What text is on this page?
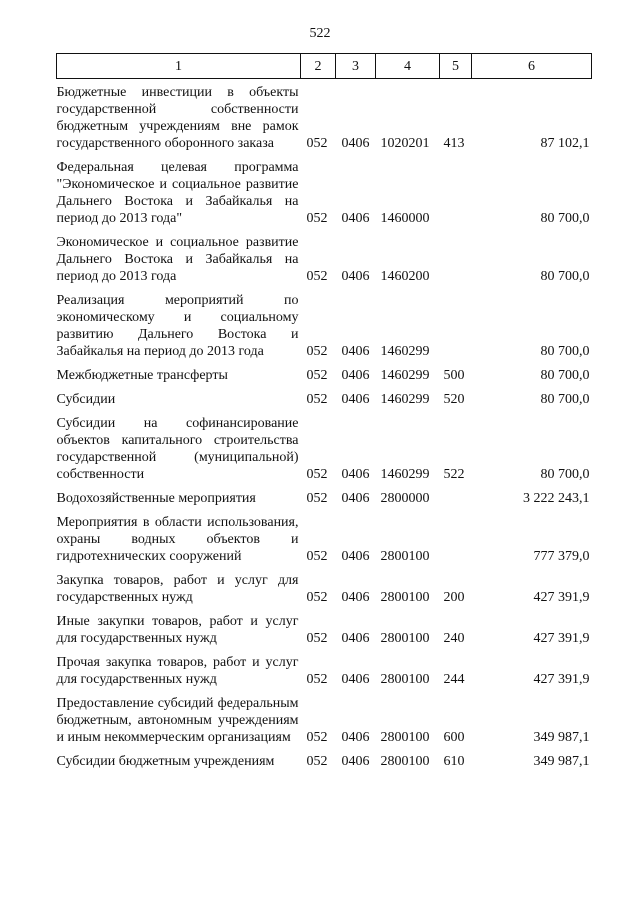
522
1	2	3	4	5	6
Бюджетные инвестиции в объекты государственной собственности бюджетным учреждениям вне рамок государственного оборонного заказа	052	0406	1020201	413	87 102,1
Федеральная целевая программа "Экономическое и социальное развитие Дальнего Востока и Забайкалья на период до 2013 года"	052	0406	1460000		80 700,0
Экономическое и социальное развитие Дальнего Востока и Забайкалья на период до 2013 года	052	0406	1460200		80 700,0
Реализация мероприятий по экономическому и социальному развитию Дальнего Востока и Забайкалья на период до 2013 года	052	0406	1460299		80 700,0
Межбюджетные трансферты	052	0406	1460299	500	80 700,0
Субсидии	052	0406	1460299	520	80 700,0
Субсидии на софинансирование объектов капитального строительства государственной (муниципальной) собственности	052	0406	1460299	522	80 700,0
Водохозяйственные мероприятия	052	0406	2800000		3 222 243,1
Мероприятия в области использования, охраны водных объектов и гидротехнических сооружений	052	0406	2800100		777 379,0
Закупка товаров, работ и услуг для государственных нужд	052	0406	2800100	200	427 391,9
Иные закупки товаров, работ и услуг для государственных нужд	052	0406	2800100	240	427 391,9
Прочая закупка товаров, работ и услуг для государственных нужд	052	0406	2800100	244	427 391,9
Предоставление субсидий федеральным бюджетным, автономным учреждениям и иным некоммерческим организациям	052	0406	2800100	600	349 987,1
Субсидии бюджетным учреждениям	052	0406	2800100	610	349 987,1
